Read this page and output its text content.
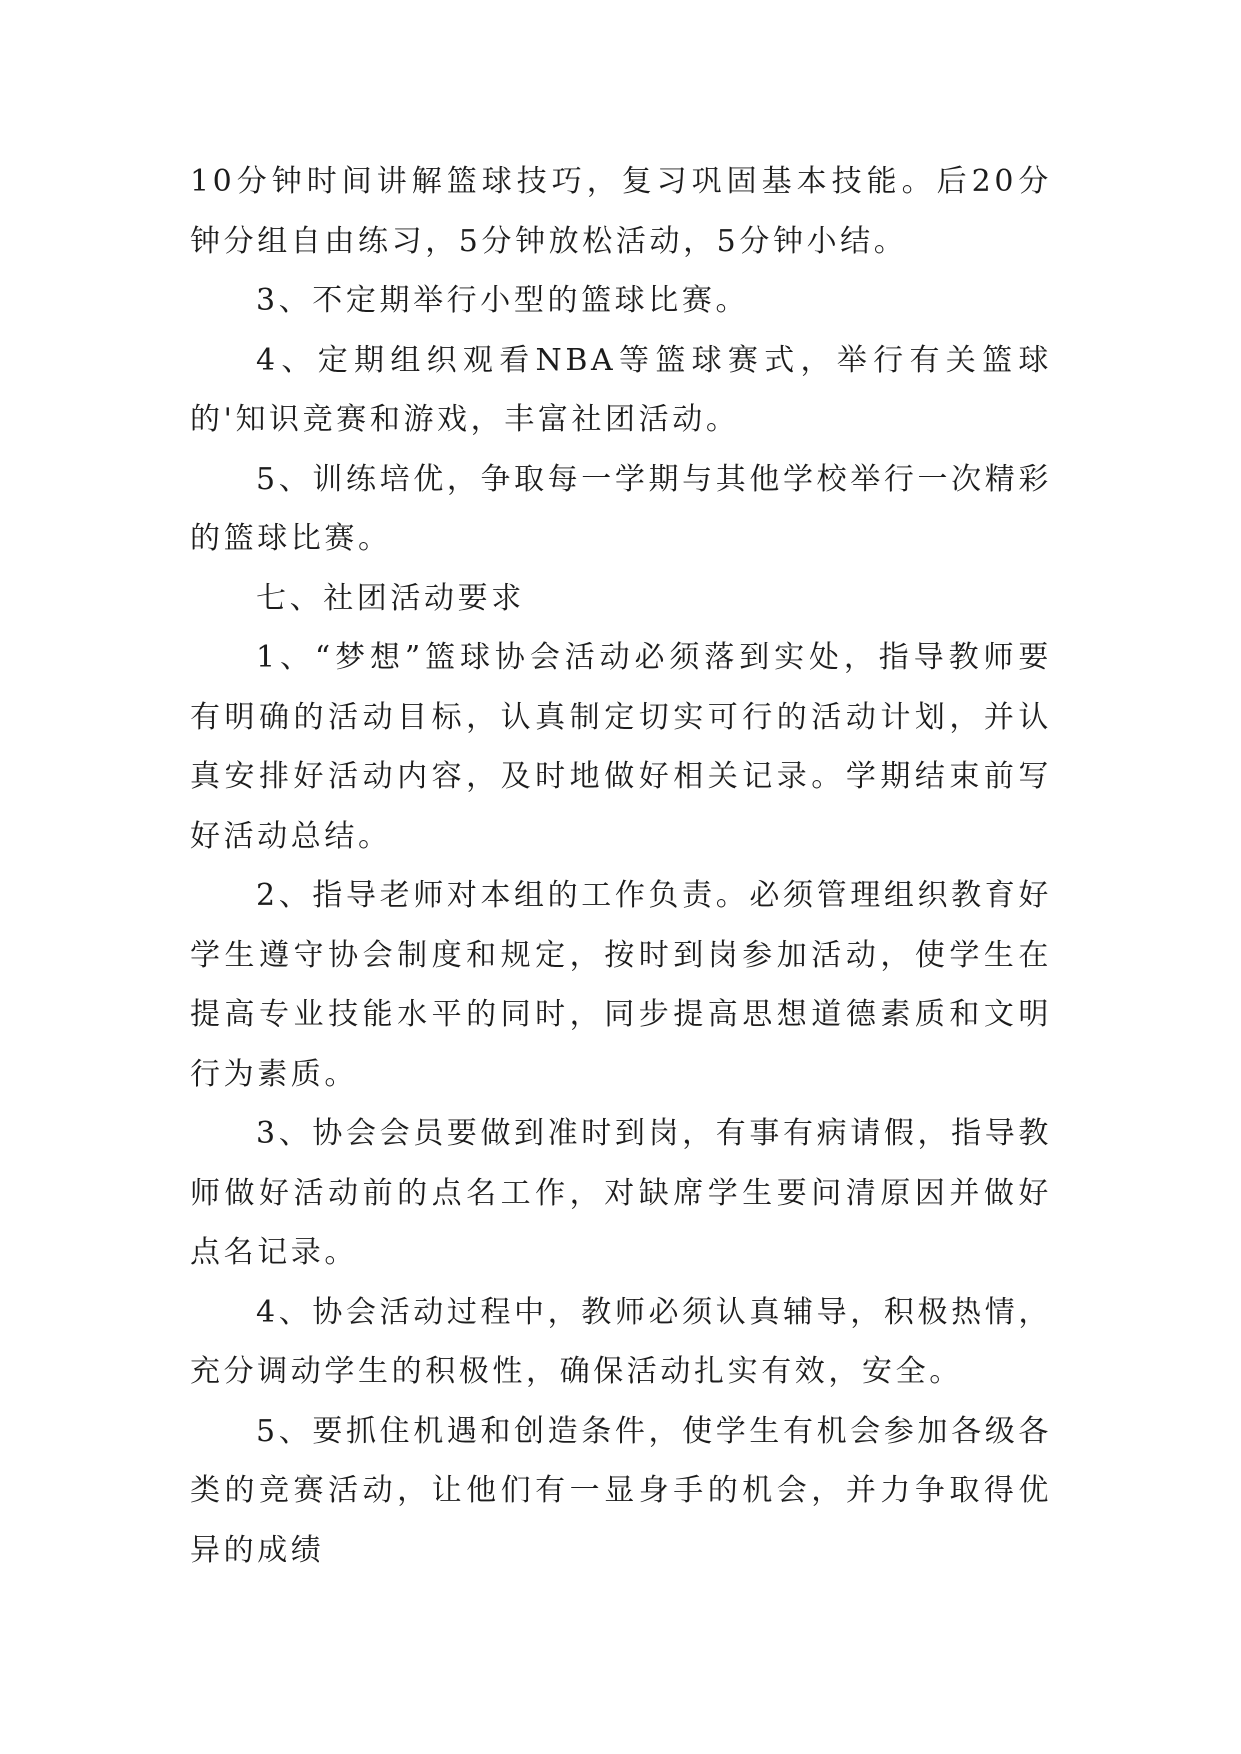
10分钟时间讲解篮球技巧，复习巩固基本技能。后20分钟分组自由练习，5分钟放松活动，5分钟小结。

3、不定期举行小型的篮球比赛。

4、定期组织观看NBA等篮球赛式，举行有关篮球的'知识竞赛和游戏，丰富社团活动。

5、训练培优，争取每一学期与其他学校举行一次精彩的篮球比赛。

七、社团活动要求

1、“梦想”篮球协会活动必须落到实处，指导教师要有明确的活动目标，认真制定切实可行的活动计划，并认真安排好活动内容，及时地做好相关记录。学期结束前写好活动总结。

2、指导老师对本组的工作负责。必须管理组织教育好学生遵守协会制度和规定，按时到岗参加活动，使学生在提高专业技能水平的同时，同步提高思想道德素质和文明行为素质。

3、协会会员要做到准时到岗，有事有病请假，指导教师做好活动前的点名工作，对缺席学生要问清原因并做好点名记录。

4、协会活动过程中，教师必须认真辅导，积极热情，充分调动学生的积极性，确保活动扎实有效，安全。

5、要抓住机遇和创造条件，使学生有机会参加各级各类的竞赛活动，让他们有一显身手的机会，并力争取得优异的成绩
